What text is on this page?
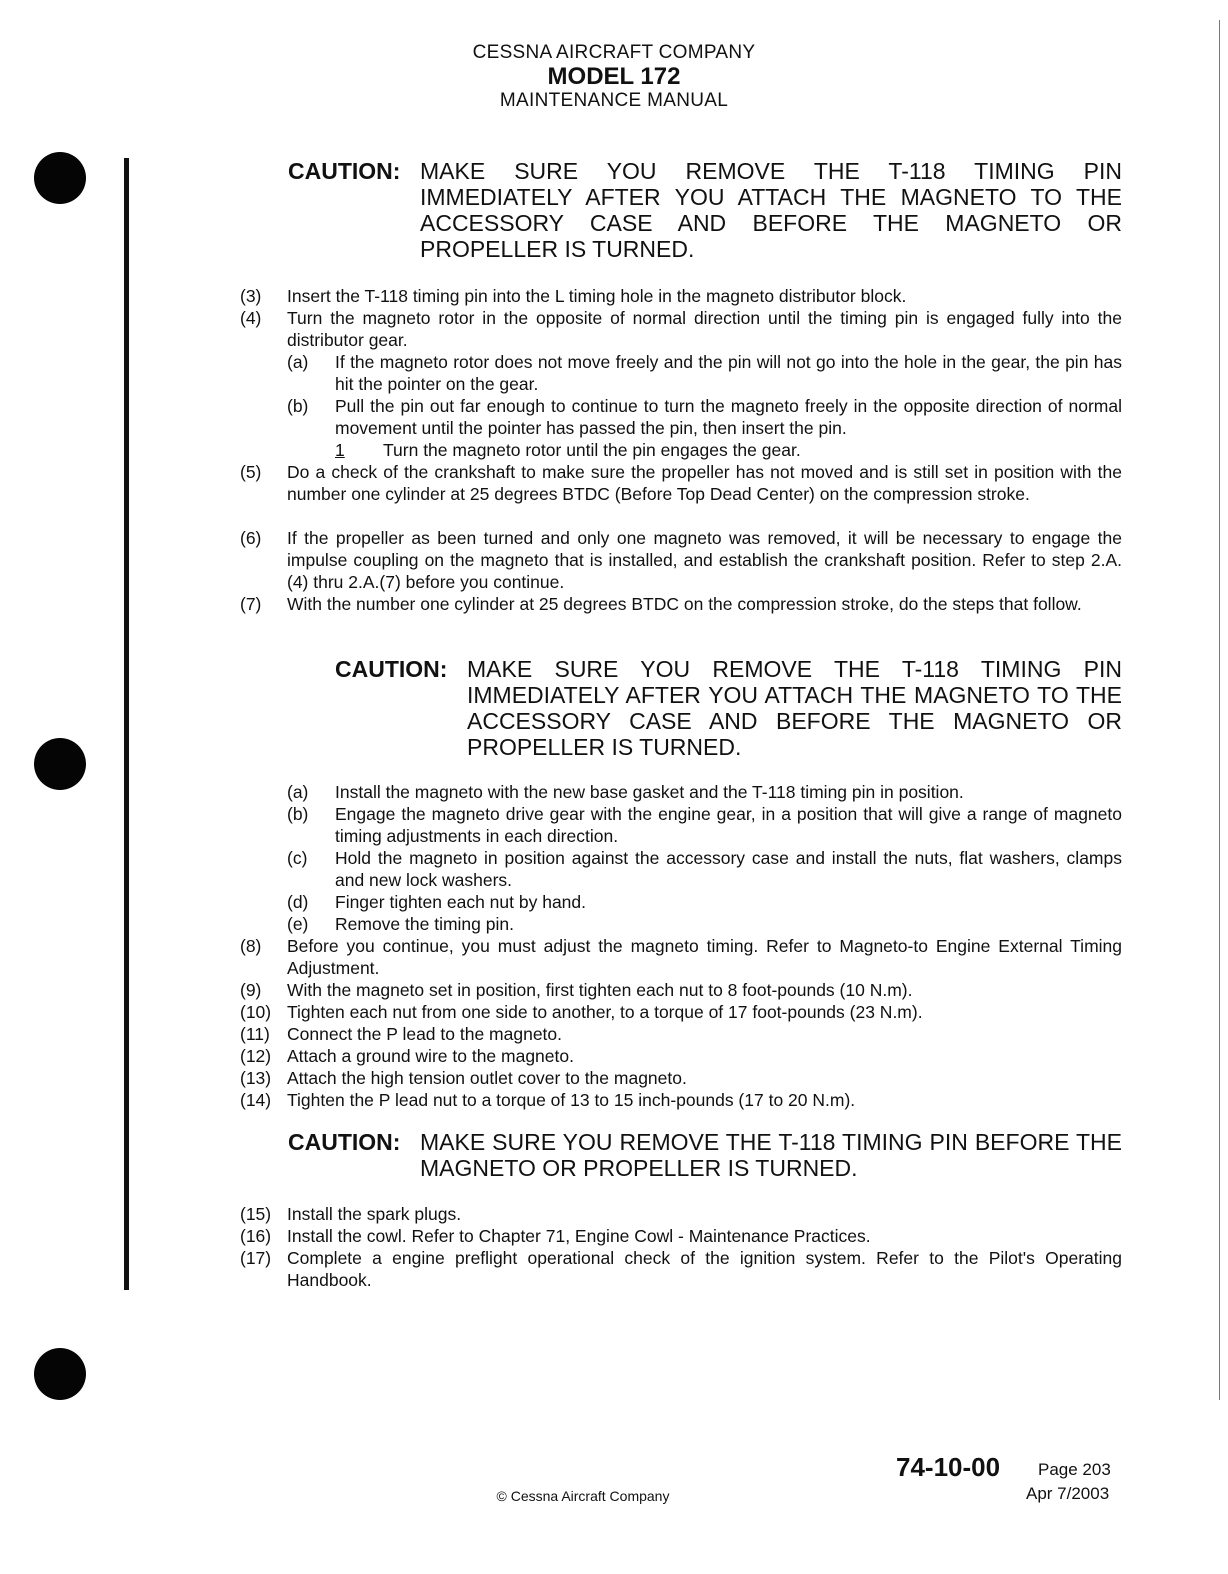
CESSNA AIRCRAFT COMPANY
MODEL 172
MAINTENANCE MANUAL
CAUTION: MAKE SURE YOU REMOVE THE T-118 TIMING PIN IMMEDIATELY AFTER YOU ATTACH THE MAGNETO TO THE ACCESSORY CASE AND BEFORE THE MAGNETO OR PROPELLER IS TURNED.
(3) Insert the T-118 timing pin into the L timing hole in the magneto distributor block.
(4) Turn the magneto rotor in the opposite of normal direction until the timing pin is engaged fully into the distributor gear.
(a) If the magneto rotor does not move freely and the pin will not go into the hole in the gear, the pin has hit the pointer on the gear.
(b) Pull the pin out far enough to continue to turn the magneto freely in the opposite direction of normal movement until the pointer has passed the pin, then insert the pin.
1 Turn the magneto rotor until the pin engages the gear.
(5) Do a check of the crankshaft to make sure the propeller has not moved and is still set in position with the number one cylinder at 25 degrees BTDC (Before Top Dead Center) on the compression stroke.
(6) If the propeller as been turned and only one magneto was removed, it will be necessary to engage the impulse coupling on the magneto that is installed, and establish the crankshaft position. Refer to step 2.A.(4) thru 2.A.(7) before you continue.
(7) With the number one cylinder at 25 degrees BTDC on the compression stroke, do the steps that follow.
CAUTION: MAKE SURE YOU REMOVE THE T-118 TIMING PIN IMMEDIATELY AFTER YOU ATTACH THE MAGNETO TO THE ACCESSORY CASE AND BEFORE THE MAGNETO OR PROPELLER IS TURNED.
(a) Install the magneto with the new base gasket and the T-118 timing pin in position.
(b) Engage the magneto drive gear with the engine gear, in a position that will give a range of magneto timing adjustments in each direction.
(c) Hold the magneto in position against the accessory case and install the nuts, flat washers, clamps and new lock washers.
(d) Finger tighten each nut by hand.
(e) Remove the timing pin.
(8) Before you continue, you must adjust the magneto timing. Refer to Magneto-to Engine External Timing Adjustment.
(9) With the magneto set in position, first tighten each nut to 8 foot-pounds (10 N.m).
(10) Tighten each nut from one side to another, to a torque of 17 foot-pounds (23 N.m).
(11) Connect the P lead to the magneto.
(12) Attach a ground wire to the magneto.
(13) Attach the high tension outlet cover to the magneto.
(14) Tighten the P lead nut to a torque of 13 to 15 inch-pounds (17 to 20 N.m).
CAUTION: MAKE SURE YOU REMOVE THE T-118 TIMING PIN BEFORE THE MAGNETO OR PROPELLER IS TURNED.
(15) Install the spark plugs.
(16) Install the cowl. Refer to Chapter 71, Engine Cowl - Maintenance Practices.
(17) Complete a engine preflight operational check of the ignition system. Refer to the Pilot's Operating Handbook.
74-10-00 Page 203
Apr 7/2003
© Cessna Aircraft Company
